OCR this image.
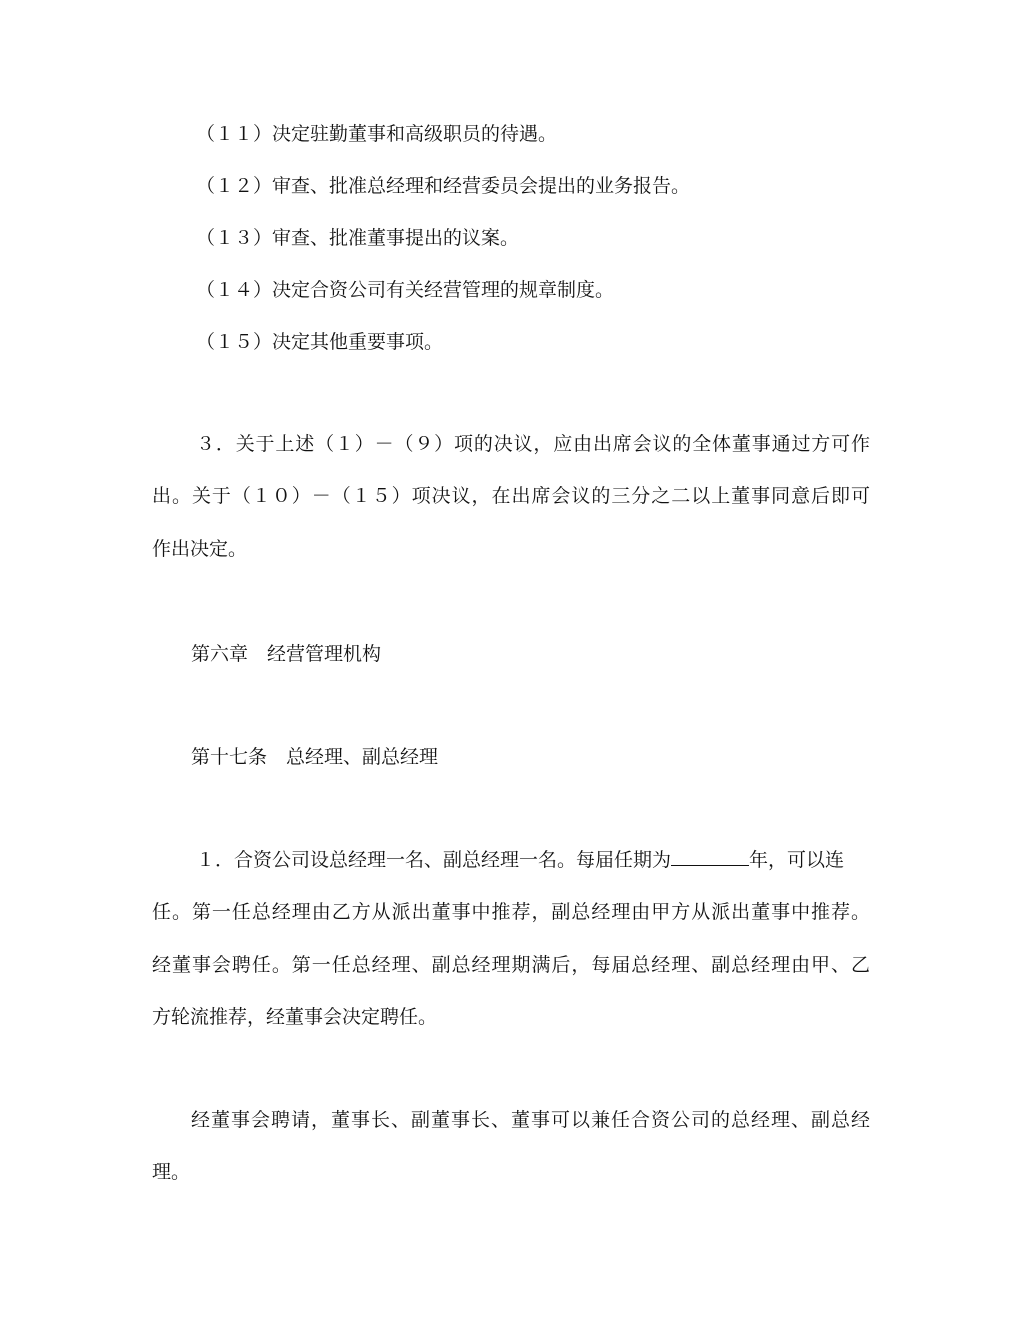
（１１）决定驻勤董事和高级职员的待遇。
（１２）审查、批准总经理和经营委员会提出的业务报告。
（１３）审查、批准董事提出的议案。
（１４）决定合资公司有关经营管理的规章制度。
（１５）决定其他重要事项。
３．关于上述（１）－（９）项的决议，应由出席会议的全体董事通过方可作
出。关于（１０）－（１５）项决议，在出席会议的三分之二以上董事同意后即可
作出决定。
第六章　经营管理机构
第十七条　总经理、副总经理
１．合资公司设总经理一名、副总经理一名。每届任期为	年，可以连
任。第一任总经理由乙方从派出董事中推荐，副总经理由甲方从派出董事中推荐。
经董事会聘任。第一任总经理、副总经理期满后，每届总经理、副总经理由甲、乙
方轮流推荐，经董事会决定聘任。
经董事会聘请，董事长、副董事长、董事可以兼任合资公司的总经理、副总经
理。
